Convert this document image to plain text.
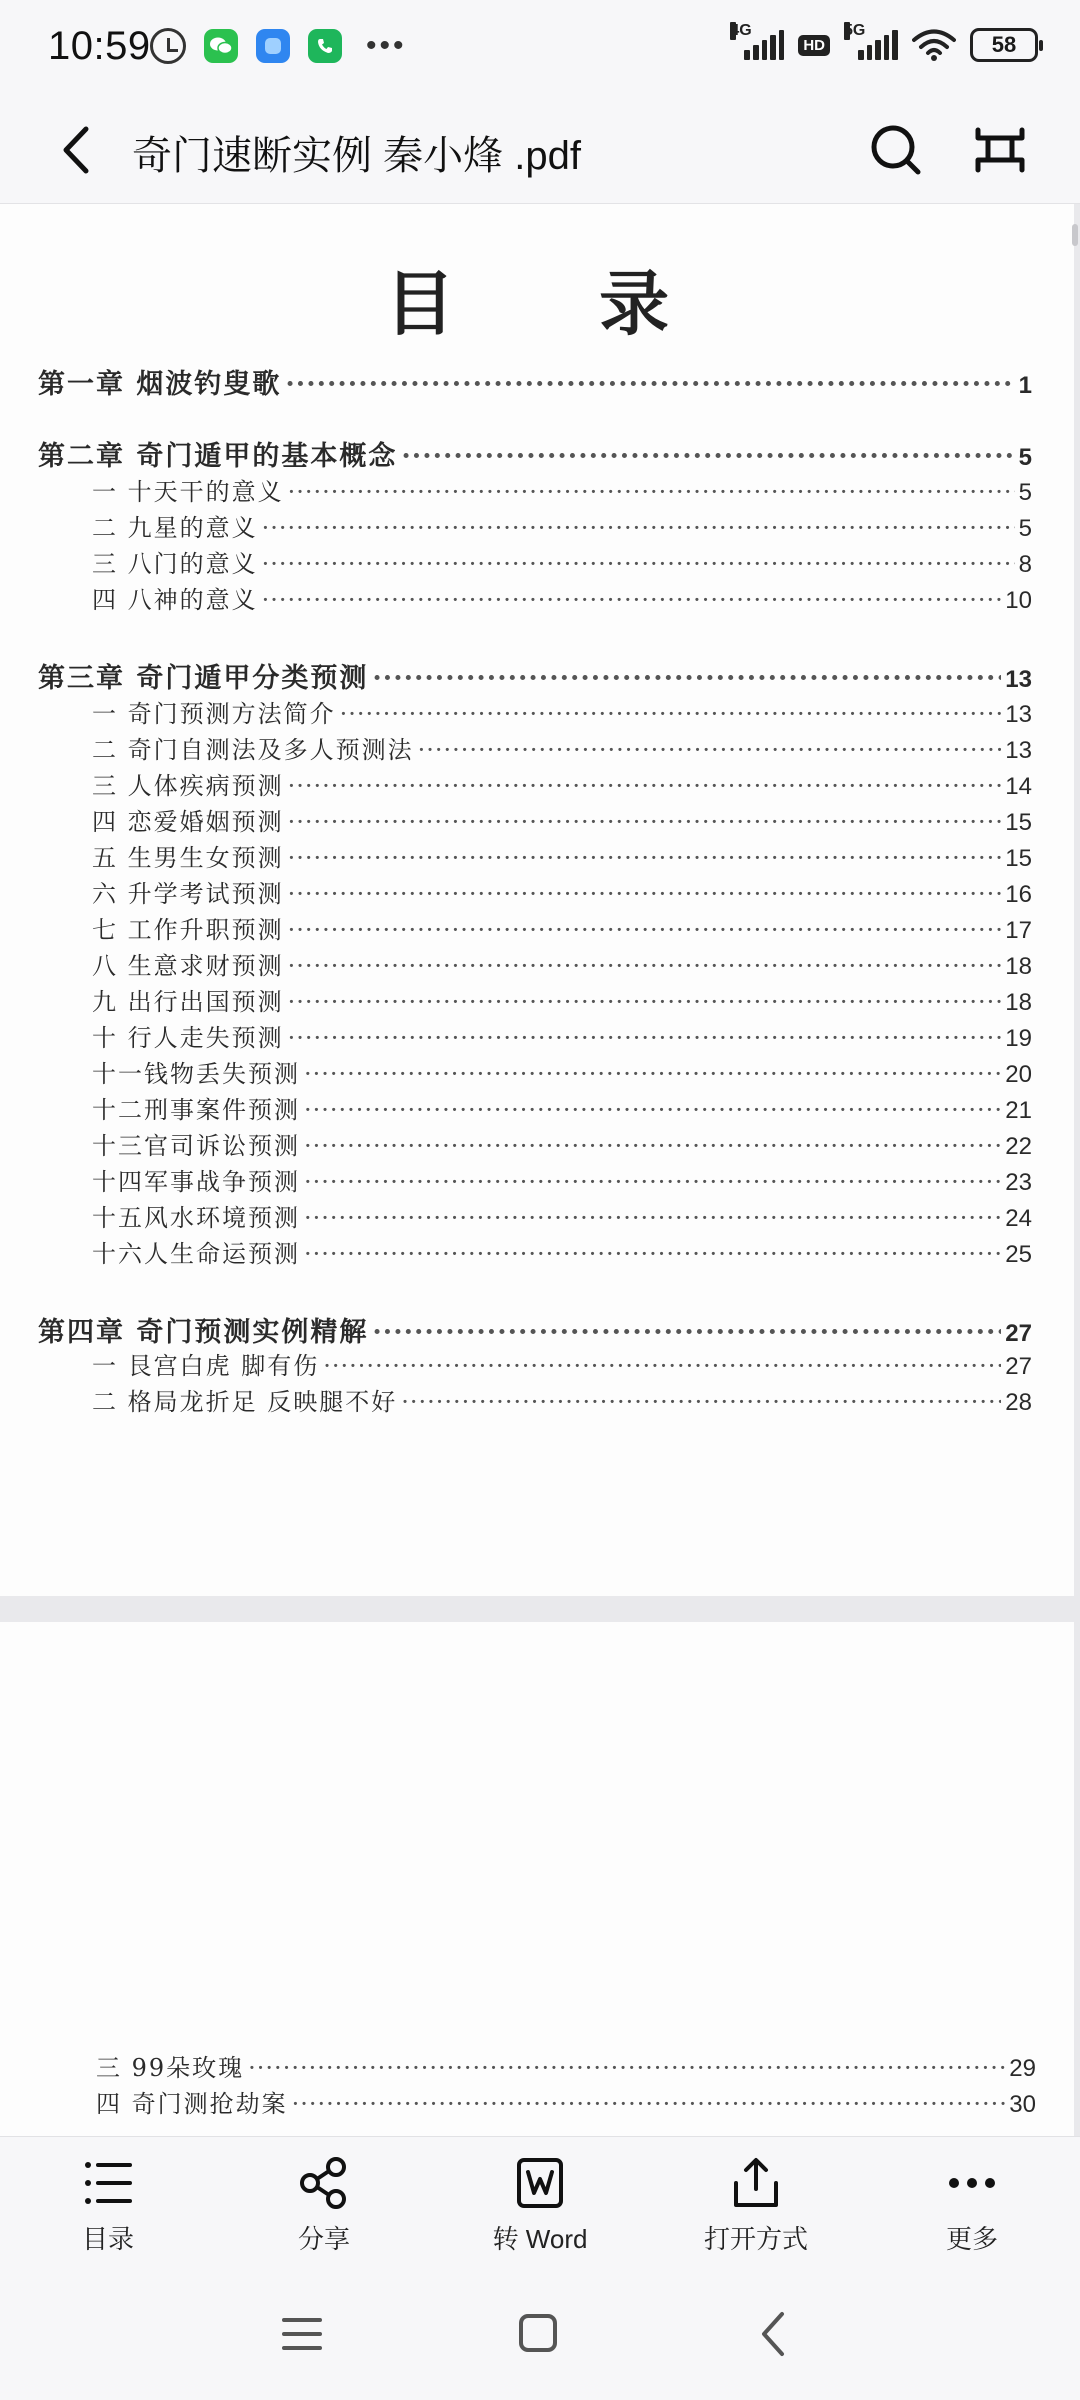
10:59	•••	4G
HD
5G
58
奇门速断实例 秦小烽 .pdf
目 录
第一章 烟波钓叟歌 ·····	1
第二章 奇门遁甲的基本概念 ·····	5
一 十天干的意义 ·····	5
二 九星的意义 ·····	5
三 八门的意义 ·····	8
四 八神的意义 ·····	10
第三章 奇门遁甲分类预测 ·····	13
一 奇门预测方法简介 ·····	13
二 奇门自测法及多人预测法 ·····	13
三 人体疾病预测 ·····	14
四 恋爱婚姻预测 ·····	15
五 生男生女预测 ·····	15
六 升学考试预测 ·····	16
七 工作升职预测 ·····	17
八 生意求财预测 ·····	18
九 出行出国预测 ·····	18
十 行人走失预测 ·····	19
十一钱物丢失预测 ·····	20
十二刑事案件预测 ·····	21
十三官司诉讼预测 ·····	22
十四军事战争预测 ·····	23
十五风水环境预测 ·····	24
十六人生命运预测 ·····	25
第四章 奇门预测实例精解 ·····	27
一 艮宫白虎 脚有伤 ·····	27
二 格局龙折足 反映腿不好 ·····	28
三 99朵玫瑰 ·····	29
四 奇门测抢劫案 ·····	30
目录	分享	转 Word	打开方式	更多
